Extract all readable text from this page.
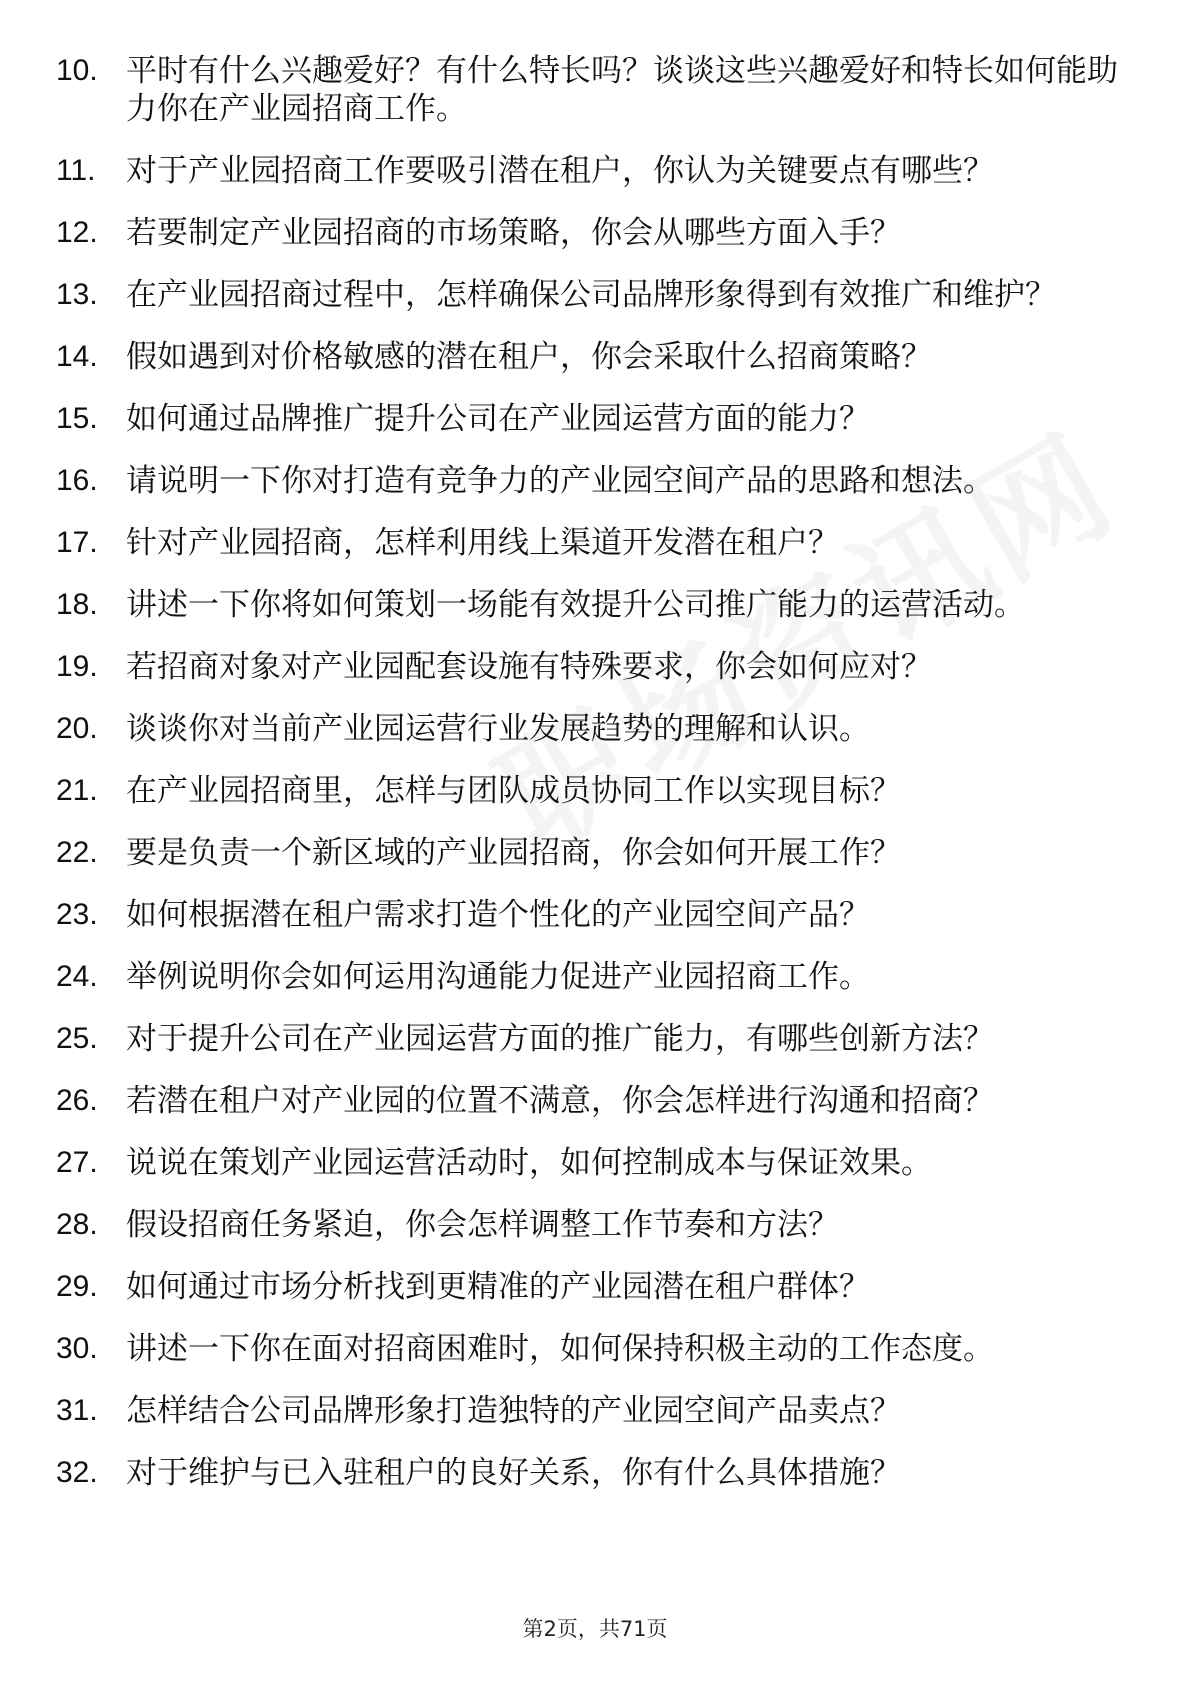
10. 平时有什么兴趣爱好？有什么特长吗？谈谈这些兴趣爱好和特长如何能助力你在产业园招商工作。
11. 对于产业园招商工作要吸引潜在租户，你认为关键要点有哪些？
12. 若要制定产业园招商的市场策略，你会从哪些方面入手？
13. 在产业园招商过程中，怎样确保公司品牌形象得到有效推广和维护？
14. 假如遇到对价格敏感的潜在租户，你会采取什么招商策略？
15. 如何通过品牌推广提升公司在产业园运营方面的能力？
16. 请说明一下你对打造有竞争力的产业园空间产品的思路和想法。
17. 针对产业园招商，怎样利用线上渠道开发潜在租户？
18. 讲述一下你将如何策划一场能有效提升公司推广能力的运营活动。
19. 若招商对象对产业园配套设施有特殊要求，你会如何应对？
20. 谈谈你对当前产业园运营行业发展趋势的理解和认识。
21. 在产业园招商里，怎样与团队成员协同工作以实现目标？
22. 要是负责一个新区域的产业园招商，你会如何开展工作？
23. 如何根据潜在租户需求打造个性化的产业园空间产品？
24. 举例说明你会如何运用沟通能力促进产业园招商工作。
25. 对于提升公司在产业园运营方面的推广能力，有哪些创新方法？
26. 若潜在租户对产业园的位置不满意，你会怎样进行沟通和招商？
27. 说说在策划产业园运营活动时，如何控制成本与保证效果。
28. 假设招商任务紧迫，你会怎样调整工作节奏和方法？
29. 如何通过市场分析找到更精准的产业园潜在租户群体？
30. 讲述一下你在面对招商困难时，如何保持积极主动的工作态度。
31. 怎样结合公司品牌形象打造独特的产业园空间产品卖点？
32. 对于维护与已入驻租户的良好关系，你有什么具体措施？
第2页，共71页
